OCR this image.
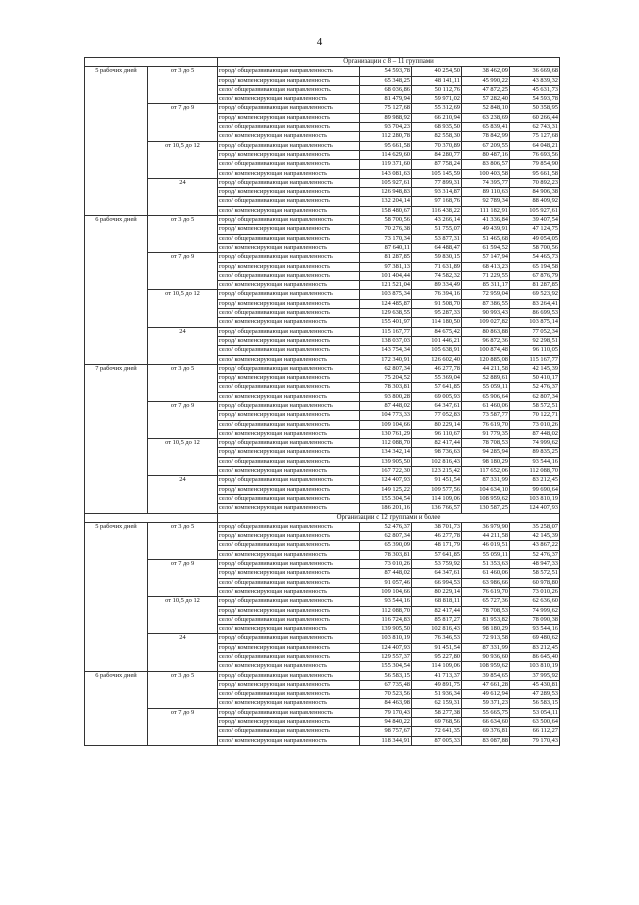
4
		Организации с 8 – 11 группами				
5 рабочих дней	от 3 до 5	город/ общеразвивающая направленность	54 593,78	40 254,50	38 462,09	36 669,68
		город/ компенсирующая направленность	65 348,25	48 141,11	45 990,22	43 839,32
		село/ общеразвивающая направленность.	68 036,86	50 112,76	47 872,25	45 631,73
		село/ компенсирующая направленность	81 479,94	59 971,02	57 282,40	54 593,78
	от 7 до 9	город/ общеразвивающая направленность	75 127,68	55 312,69	52 848,10	50 358,95
		город/ компенсирующая направленность	89 988,92	66 210,94	63 238,69	60 266,44
		село/ общеразвивающая направленность	93 704,23	68 935,50	65 839,41	62 743,31
		село/ компенсирующая направленность	112 280,78	82 558,30	78 842,99	75 127,68
	от 10,5 до 12	город/ общеразвивающая направленность	95 661,58	70 370,89	67 209,55	64 048,21
		город/ компенсирующая направленность	114 629,60	84 280,77	80 487,16	76 693,56
		село/ общеразвивающая направленность	119 371,60	87 758,24	83 806,57	79 854,90
		село/ компенсирующая направленность	143 081,63	105 145,59	100 403,58	95 661,58
	24	город/ общеразвивающая направленность	105 927,61	77 899,31	74 395,77	70 892,23
		город/ компенсирующая направленность	126 948,83	93 314,87	89 110,63	84 906,38
		село/ общеразвивающая направленность	132 204,14	97 168,76	92 789,34	88 409,92
		село/ компенсирующая направленность	158 480,67	116 438,22	111 182,91	105 927,61
6 рабочих дней	от 3 до 5	город/ общеразвивающая направленность	58 700,56	43 266,14	41 336,84	39 407,54
		город/ компенсирующая направленность	70 276,38	51 755,07	49 439,91	47 124,75
		село/ общеразвивающая направленность	73 170,34	53 877,31	51 465,68	49 054,05
		село/ компенсирующая направленность	87 640,11	64 488,47	61 594,52	58 700,56
	от 7 до 9	город/ общеразвивающая направленность	81 287,85	59 830,15	57 147,94	54 465,73
		город/ компенсирующая направленность	97 381,13	71 631,89	68 413,23	65 194,58
		село/ общеразвивающая направленность	101 404,44	74 582,32	71 229,55	67 876,79
		село/ компенсирующая направленность	121 521,04	89 334,49	85 311,17	81 287,85
	от 10,5 до 12	город/ общеразвивающая направленность	103 875,34	76 394,16	72 959,04	69 523,92
		город/ компенсирующая направленность	124 485,87	91 508,70	87 386,55	83 264,41
		село/ общеразвивающая направленность	129 638,55	95 287,33	90 993,43	86 699,53
		село/ компенсирующая направленность	155 401,97	114 180,50	109 027,82	103 875,14
	24	город/ общеразвивающая направленность	115 167,77	84 675,42	80 863,88	77 052,34
		город/ компенсирующая направленность	138 037,03	101 446,21	96 872,36	92 298,51
		село/ общеразвивающая направленность	143 754,34	105 638,91	100 874,48	96 110,05
		село/ компенсирующая направленность	172 340,91	126 602,40	120 885,08	115 167,77
7 рабочих дней	от 3 до 5	город/ общеразвивающая направленность	62 807,34	46 277,78	44 211,58	42 145,39
		город/ компенсирующая направленность	75 204,52	55 369,04	52 889,61	50 410,17
		село/ общеразвивающая направленность	78 303,81	57 641,85	55 059,11	52 476,37
		село/ компенсирующая направленность	93 800,28	69 005,93	65 906,64	62 807,34
	от 7 до 9	город/ общеразвивающая направленность	87 448,02	64 347,61	61 460,06	58 572,51
		город/ компенсирующая направленность	104 773,33	77 052,83	73 587,77	70 122,71
		село/ общеразвивающая направленность	109 104,66	80 229,14	76 619,70	73 010,26
		село/ компенсирующая направленность	130 761,29	96 110,67	91 779,35	87 448,02
	от 10,5 до 12	город/ общеразвивающая направленность	112 088,70	82 417,44	78 708,53	74 999,62
		город/ компенсирующая направленность	134 342,14	98 736,63	94 285,94	89 835,25
		село/ общеразвивающая направленность	139 905,50	102 816,43	98 180,29	93 544,16
		село/ компенсирующая направленность	167 722,30	123 215,42	117 652,06	112 088,70
	24	город/ общеразвивающая направленность	124 407,93	91 451,54	87 331,99	83 212,45
		город/ компенсирующая направленность	149 125,22	109 577,56	104 634,10	99 690,64
		село/ общеразвивающая направленность	155 304,54	114 109,06	108 959,62	103 810,19
		село/ компенсирующая направленность	186 201,16	136 766,57	130 587,25	124 407,93
		Организации с 12 группами и более				
5 рабочих дней	от 3 до 5	город/ общеразвивающая направленность	52 476,37	38 701,73	36 979,90	35 258,07
		город/ компенсирующая направленность	62 807,34	46 277,78	44 211,58	42 145,39
		село/ общеразвивающая направленность	65 390,09	48 171,79	46 019,51	43 867,22
		село/ компенсирующая направленность	78 303,81	57 641,85	55 059,11	52 476,37
	от 7 до 9	город/ общеразвивающая направленность	73 010,26	53 759,92	51 353,63	48 947,33
		город/ компенсирующая направленность	87 448,02	64 347,61	61 460,06	58 572,51
		село/ общеразвивающая направленность	91 057,46	66 994,53	63 986,66	60 978,80
		село/ компенсирующая направленность	109 104,66	80 229,14	76 619,70	73 010,26
	от 10,5 до 12	город/ общеразвивающая направленность	93 544,16	68 818,11	65 727,36	62 636,60
		город/ компенсирующая направленность	112 088,70	82 417,44	78 708,53	74 999,62
		село/ общеразвивающая направленность	116 724,83	85 817,27	81 953,82	78 090,38
		село/ компенсирующая направленность	139 905,50	102 816,43	98 180,29	93 544,16
	24	город/ общеразвивающая направленность	103 810,19	76 346,53	72 913,58	69 480,62
		город/ компенсирующая направленность	124 407,93	91 451,54	87 331,99	83 212,45
		село/ общеразвивающая направленность	129 557,37	95 227,80	90 936,60	86 645,40
		село/ компенсирующая направленность	155 304,54	114 109,06	108 959,62	103 810,19
6 рабочих дней	от 3 до 5	город/ общеразвивающая направленность	56 583,15	41 713,37	39 854,65	37 995,92
		город/ компенсирующая направленность	67 735,48	49 891,75	47 661,28	45 430,81
		село/ общеразвивающая направленность	70 523,56	51 936,34	49 612,94	47 289,53
		село/ компенсирующая направленность	84 463,98	62 159,31	59 371,23	56 583,15
	от 7 до 9	город/ общеразвивающая направленность	79 170,43	58 277,38	55 665,75	53 054,11
		город/ компенсирующая направленность	94 840,22	69 768,56	66 634,60	63 500,64
		село/ общеразвивающая направленность	98 757,67	72 641,35	69 376,81	66 112,27
		село/ компенсирующая направленность	118 344,91	87 005,33	83 087,88	79 170,43
